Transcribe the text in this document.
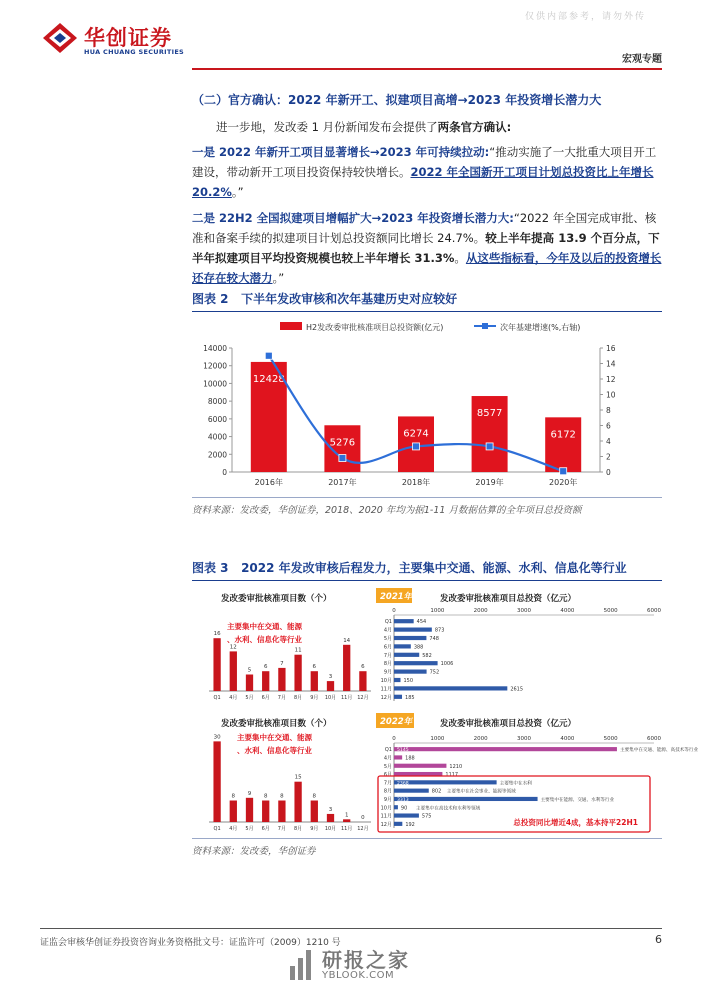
华创证券
HUA CHUANG SECURITIES
仅供内部参考，请勿外传
宏观专题
（二）官方确认：2022 年新开工、拟建项目高增→2023 年投资增长潜力大
进一步地，发改委 1 月份新闻发布会提供了两条官方确认:
一是 2022 年新开工项目显著增长→2023 年可持续拉动:“推动实施了一大批重大项目开工建设，带动新开工项目投资保持较快增长。2022 年全国新开工项目计划总投资比上年增长 20.2%。”
二是 22H2 全国拟建项目增幅扩大→2023 年投资增长潜力大:“2022 年全国完成审批、核准和备案手续的拟建项目计划总投资额同比增长 24.7%。较上半年提高 13.9 个百分点，下半年拟建项目平均投资规模也较上半年增长 31.3%。从这些指标看，今年及以后的投资增长还存在较大潜力。”
图表 2 下半年发改审核和次年基建历史对应较好
H2发改委审批核准项目总投资额(亿元)	次年基建增速(%,右轴)
0
2000
4000
6000
8000
10000
12000
14000
0
2
4
6
8
10
12
14
16
12428
2016年
5276
2017年
6274
2018年
8577
2019年
6172
2020年
资料来源：发改委，华创证券，2018、2020 年均为据1-11 月数据估算的全年项目总投资额
图表 3 2022 年发改审核后程发力，主要集中交通、能源、水利、信息化等行业
发改委审批核准项目数（个）
主要集中在交通、能源
、水利、信息化等行业
16
Q1
12
4月
5
5月
6
6月
7
7月
11
8月
6
9月
3
10月
14
11月
6
12月
2021年	发改委审批核准项目总投资（亿元）
0	1000	2000	3000	4000	5000	6000
Q1	454
4月	873
5月	748
6月	388
7月	582
8月	1006
9月	752
10月 150
11月	2615
12月	185
发改委审批核准项目数（个）
主要集中在交通、能源
、水利、信息化等行业
30
Q1
8
4月
9
5月
8
6月
8
7月
15
8月
8
9月
3
10月
1
11月
0
12月
发改委审批核准项目总投资（亿元）
0	1000	2000	3000	4000	5000	6000
Q1 5145	主要集中在交通、能源、高技术等行业
4月	188
5月	1210
6月	1117
7月 2368	主要集中在水利
8月	802 主要集中在社会事业、能源等领域
9月 3313	主要集中在能源、交通、水利等行业
10月 90 主要集中在高技术和水利等领域
11月	575
12月	192
2022年
总投资同比增近4成，基本持平22H1
资料来源：发改委，华创证券
证监会审核华创证券投资咨询业务资格批文号：证监许可（2009）1210 号	6
研报之家
YBLOOK.COM
